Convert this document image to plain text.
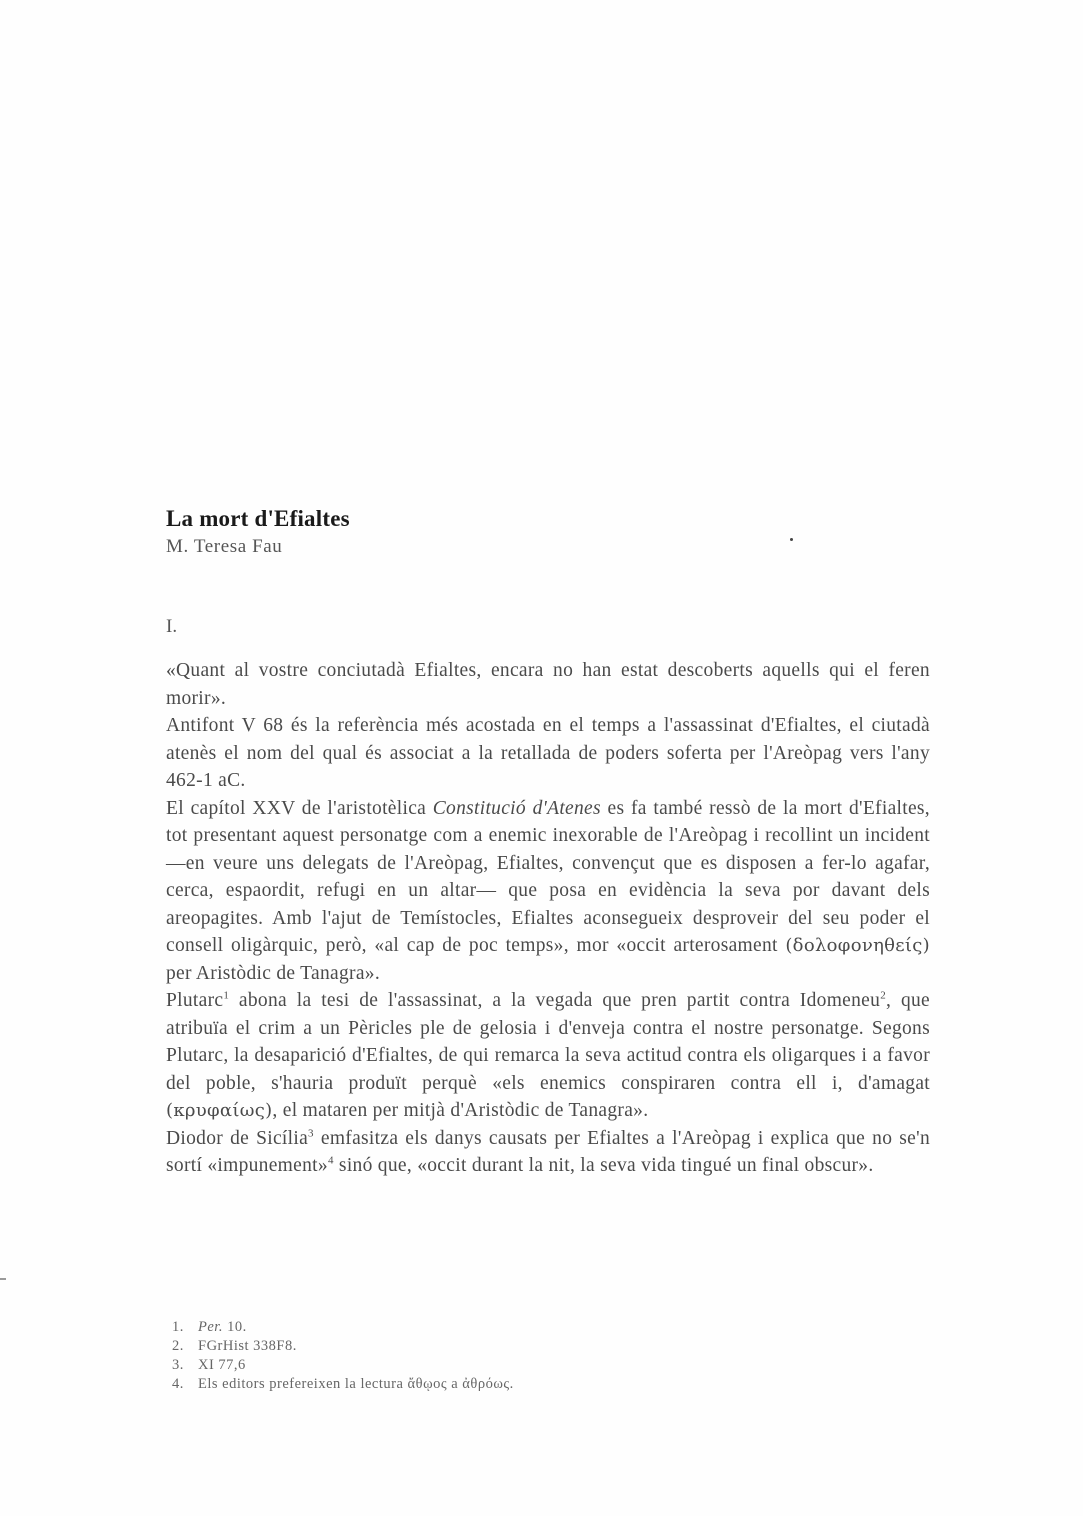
La mort d'Efialtes
M. Teresa Fau
I.

«Quant al vostre conciutadà Efialtes, encara no han estat descoberts aquells qui el feren morir».

Antifont V 68 és la referència més acostada en el temps a l'assassinat d'Efialtes, el ciutadà atenès el nom del qual és associat a la retallada de poders soferta per l'Areòpag vers l'any 462-1 aC.

El capítol XXV de l'aristotèlica Constitució d'Atenes es fa també ressò de la mort d'Efialtes, tot presentant aquest personatge com a enemic inexorable de l'Areòpag i recollint un incident —en veure uns delegats de l'Areòpag, Efialtes, convençut que es disposen a fer-lo agafar, cerca, espaordit, refugi en un altar— que posa en evidència la seva por davant dels areopagites. Amb l'ajut de Temístocles, Efialtes aconsegueix desproveir del seu poder el consell oligàrquic, però, «al cap de poc temps», mor «occit arterosament (δολοφονηθείς) per Aristòdic de Tanagra».

Plutarc$^1$ abona la tesi de l'assassinat, a la vegada que pren partit contra Idomeneu$^2$, que atribuïa el crim a un Pèricles ple de gelosia i d'enveja contra el nostre personatge. Segons Plutarc, la desaparició d'Efialtes, de qui remarca la seva actitud contra els oligarques i a favor del poble, s'hauria produït perquè «els enemics conspiraren contra ell i, d'amagat (κρυφαίως), el mataren per mitjà d'Aristòdic de Tanagra».

Diodor de Sicília$^3$ emfasitza els danys causats per Efialtes a l'Areòpag i explica que no se'n sortí «impunement»$^4$ sinó que, «occit durant la nit, la seva vida tingué un final obscur».

1. Per. 10.
2. FGrHist 338F8.
3. XI 77,6
4. Els editors prefereixen la lectura ἄθῳος a ἀθρόως.
